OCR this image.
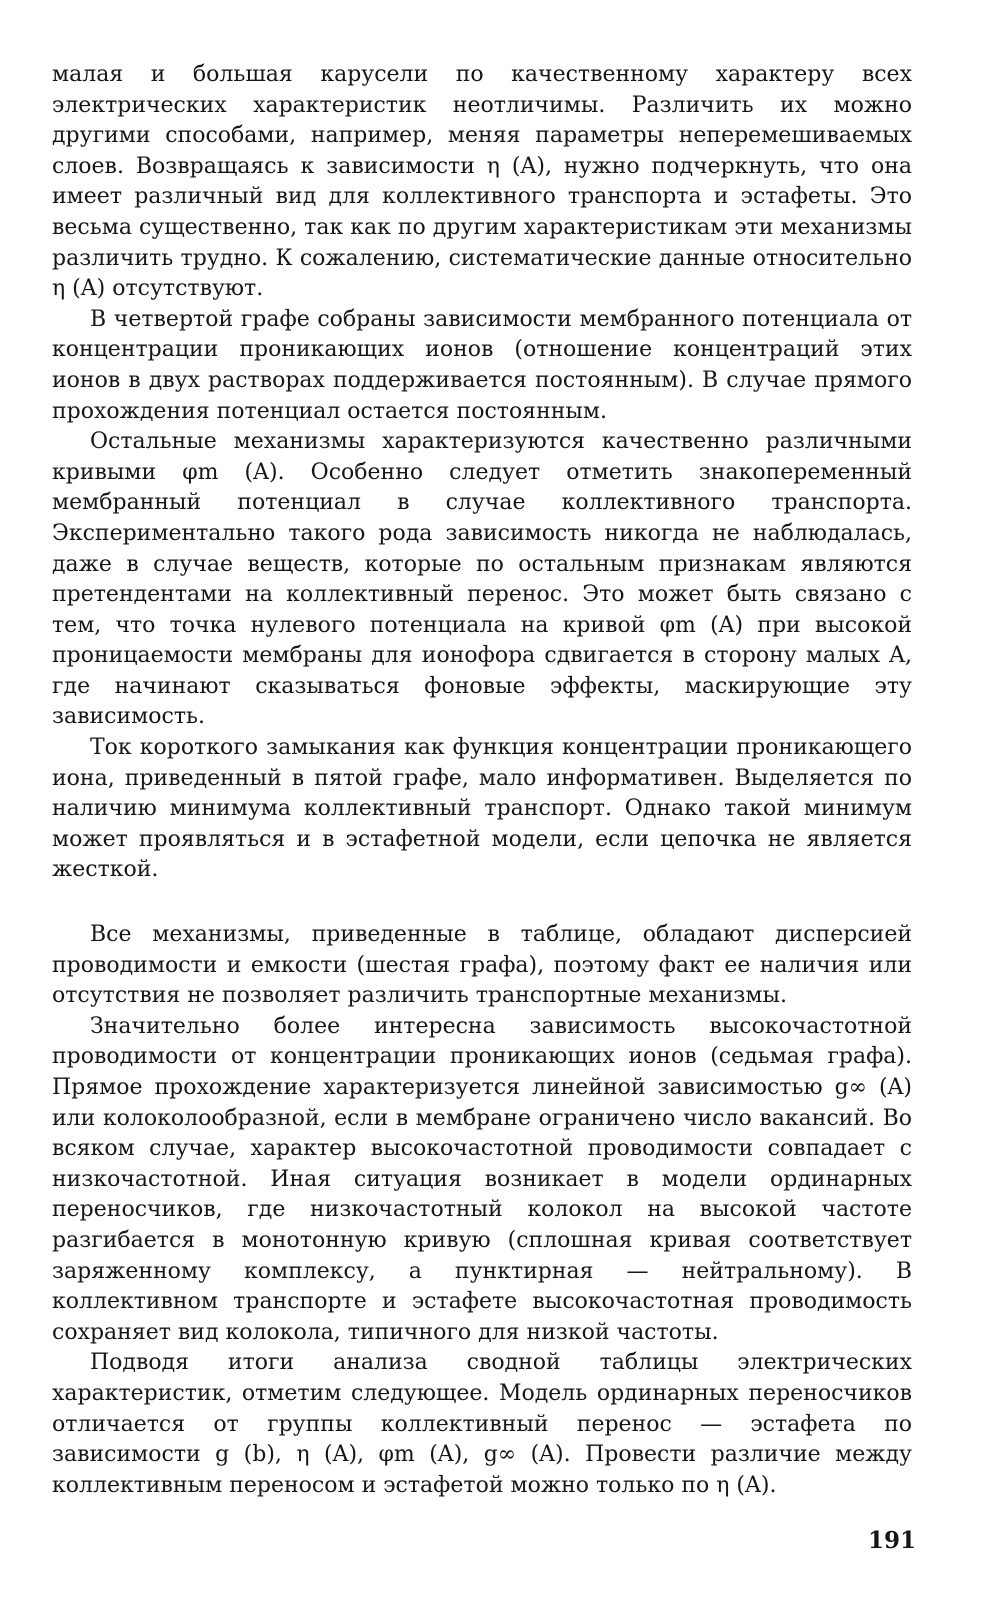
малая и большая карусели по качественному характеру всех электрических характеристик неотличимы. Различить их можно другими способами, например, меняя параметры неперемешиваемых слоев. Возвращаясь к зависимости η (A), нужно подчеркнуть, что она имеет различный вид для коллективного транспорта и эстафеты. Это весьма существенно, так как по другим характеристикам эти механизмы различить трудно. К сожалению, систематические данные относительно η (A) отсутствуют.

В четвертой графе собраны зависимости мембранного потенциала от концентрации проникающих ионов (отношение концентраций этих ионов в двух растворах поддерживается постоянным). В случае прямого прохождения потенциал остается постоянным.

Остальные механизмы характеризуются качественно различными кривыми φm (A). Особенно следует отметить знакопеременный мембранный потенциал в случае коллективного транспорта. Экспериментально такого рода зависимость никогда не наблюдалась, даже в случае веществ, которые по остальным признакам являются претендентами на коллективный перенос. Это может быть связано с тем, что точка нулевого потенциала на кривой φm (A) при высокой проницаемости мембраны для ионофора сдвигается в сторону малых A, где начинают сказываться фоновые эффекты, маскирующие эту зависимость.

Ток короткого замыкания как функция концентрации проникающего иона, приведенный в пятой графе, мало информативен. Выделяется по наличию минимума коллективный транспорт. Однако такой минимум может проявляться и в эстафетной модели, если цепочка не является жесткой.

Все механизмы, приведенные в таблице, обладают дисперсией проводимости и емкости (шестая графа), поэтому факт ее наличия или отсутствия не позволяет различить транспортные механизмы.

Значительно более интересна зависимость высокочастотной проводимости от концентрации проникающих ионов (седьмая графа). Прямое прохождение характеризуется линейной зависимостью g∞ (A) или колоколообразной, если в мембране ограничено число вакансий. Во всяком случае, характер высокочастотной проводимости совпадает с низкочастотной. Иная ситуация возникает в модели ординарных переносчиков, где низкочастотный колокол на высокой частоте разгибается в монотонную кривую (сплошная кривая соответствует заряженному комплексу, а пунктирная — нейтральному). В коллективном транспорте и эстафете высокочастотная проводимость сохраняет вид колокола, типичного для низкой частоты.

Подводя итоги анализа сводной таблицы электрических характеристик, отметим следующее. Модель ординарных переносчиков отличается от группы коллективный перенос — эстафета по зависимости g (b), η (A), φm (A), g∞ (A). Провести различие между коллективным переносом и эстафетой можно только по η (A).

191
